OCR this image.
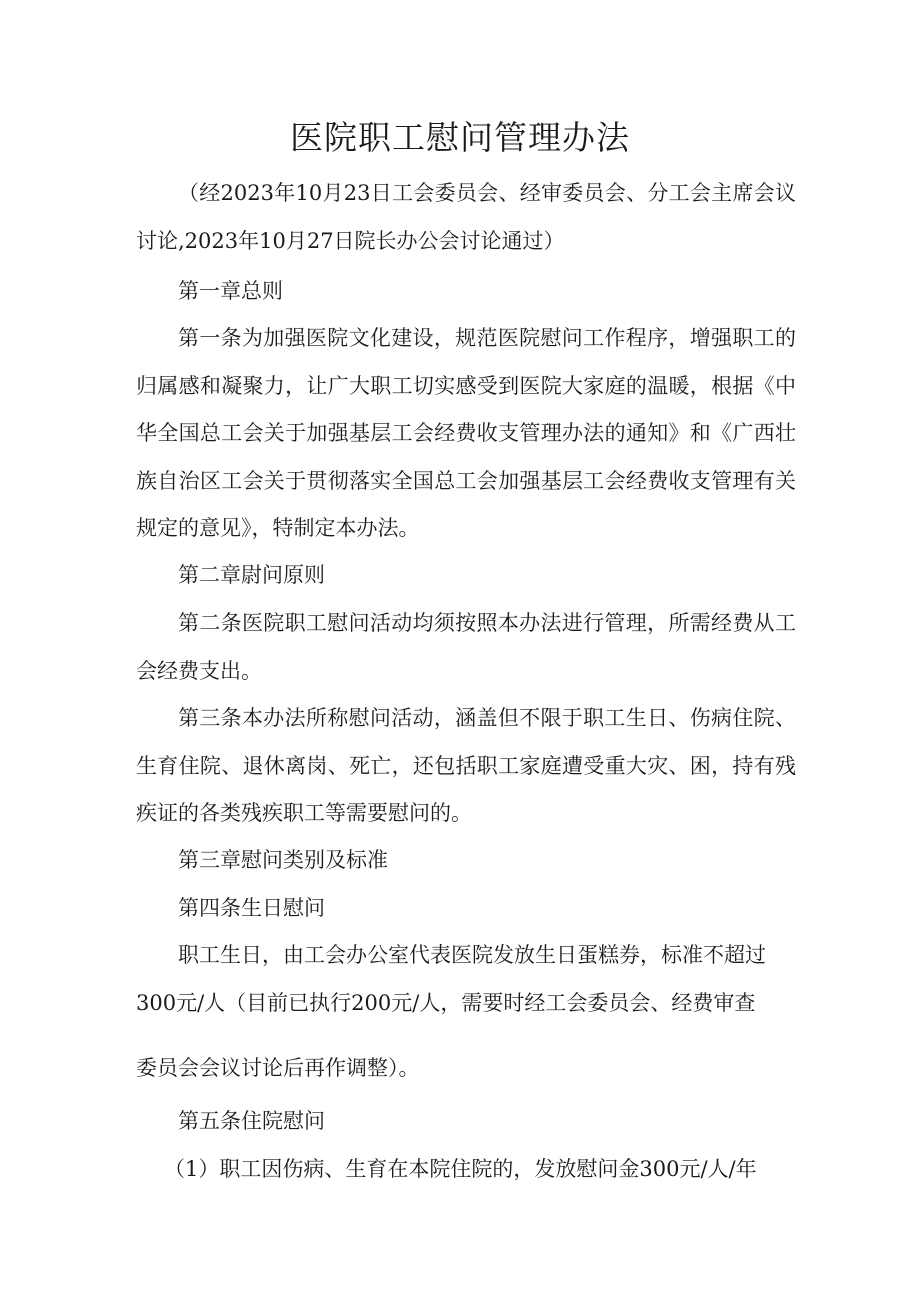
医院职工慰问管理办法
（经2023年10月23日工会委员会、经审委员会、分工会主席会议讨论,2023年10月27日院长办公会讨论通过）
第一章总则
第一条为加强医院文化建设，规范医院慰问工作程序，增强职工的归属感和凝聚力，让广大职工切实感受到医院大家庭的温暖，根据《中华全国总工会关于加强基层工会经费收支管理办法的通知》和《广西壮族自治区工会关于贯彻落实全国总工会加强基层工会经费收支管理有关规定的意见》，特制定本办法。
第二章尉问原则
第二条医院职工慰问活动均须按照本办法进行管理，所需经费从工会经费支出。
第三条本办法所称慰问活动，涵盖但不限于职工生日、伤病住院、生育住院、退休离岗、死亡，还包括职工家庭遭受重大灾、困，持有残疾证的各类残疾职工等需要慰问的。
第三章慰问类别及标准
第四条生日慰问
职工生日，由工会办公室代表医院发放生日蛋糕券，标准不超过300元/人（目前已执行200元/人，需要时经工会委员会、经费审查
委员会会议讨论后再作调整）。
第五条住院慰问
（1）职工因伤病、生育在本院住院的，发放慰问金300元/人/年
